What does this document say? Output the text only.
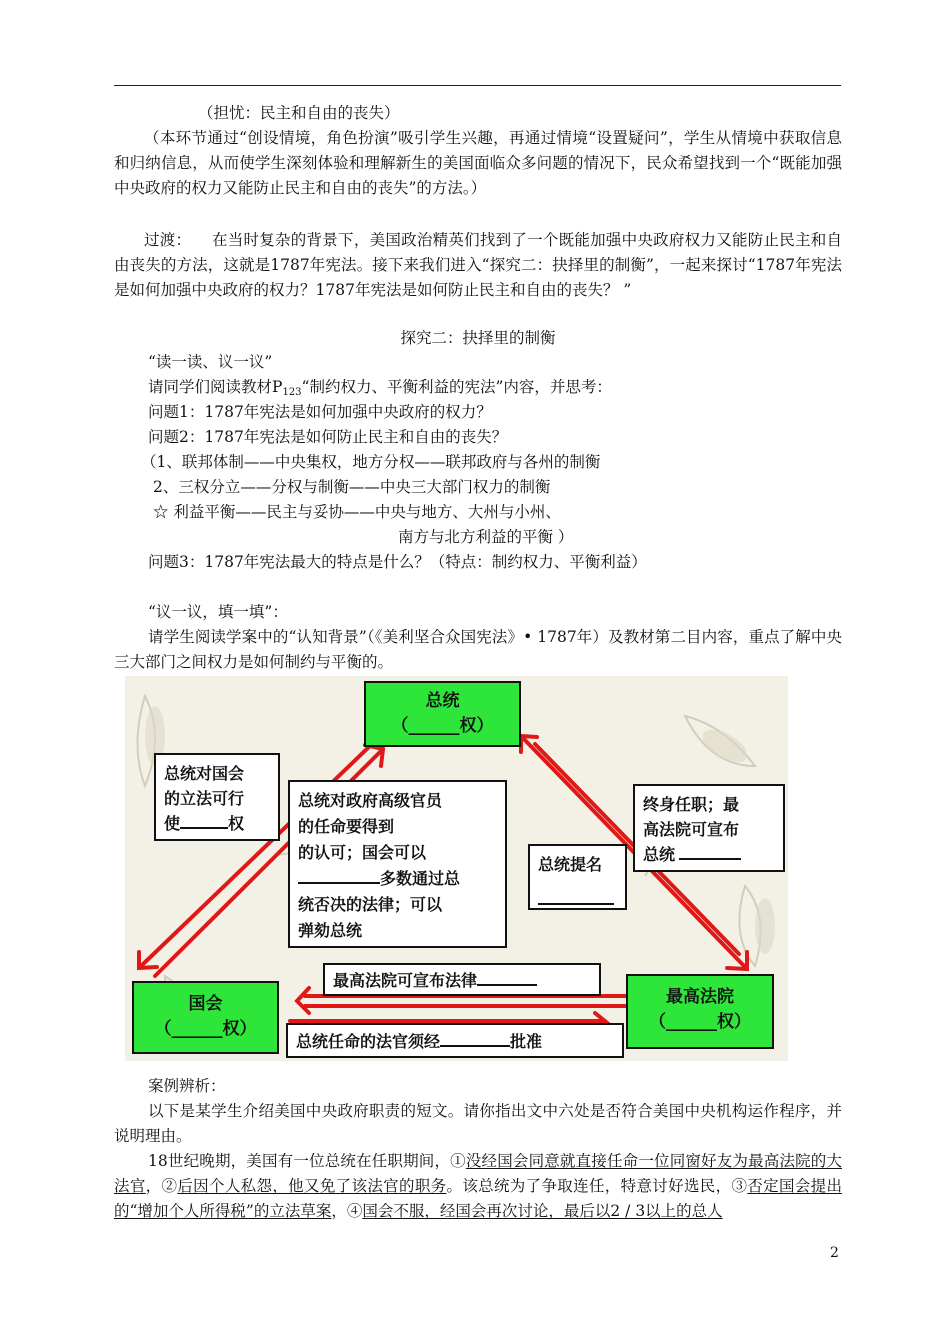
（担忧：民主和自由的丧失）
（本环节通过“创设情境，角色扮演”吸引学生兴趣，再通过情境“设置疑问”，学生从情境中获取信息和归纳信息，从而使学生深刻体验和理解新生的美国面临众多问题的情况下，民众希望找到一个“既能加强中央政府的权力又能防止民主和自由的丧失”的方法。）
过渡： 在当时复杂的背景下，美国政治精英们找到了一个既能加强中央政府权力又能防止民主和自由丧失的方法，这就是1787年宪法。接下来我们进入“探究二：抉择里的制衡”，一起来探讨“1787年宪法是如何加强中央政府的权力？1787年宪法是如何防止民主和自由的丧失？ ”
探究二：抉择里的制衡
“读一读、议一议”
请同学们阅读教材$P_{123}“$制约权力、平衡利益的宪法”内容，并思考：
问题1：1787年宪法是如何加强中央政府的权力？
问题2：1787年宪法是如何防止民主和自由的丧失？
（1、联邦体制——中央集权，地方分权——联邦政府与各州的制衡
2、三权分立——分权与制衡——中央三大部门权力的制衡
☆ 利益平衡——民主与妥协——中央与地方、大州与小州、
南方与北方利益的平衡 ）
问题3：1787年宪法最大的特点是什么？（特点：制约权力、平衡利益）
“议一议，填一填”：
请学生阅读学案中的“认知背景”（《美利坚合众国宪法》• 1787年）及教材第二目内容，重点了解中央三大部门之间权力是如何制约与平衡的。
总统
（______权）
国会
（______权）
最高法院
（______权）
总统对国会
的立法可行
使	权
总统对政府高级官员
的任命要得到
的认可；国会可以
多数通过总
统否决的法律；可以
弹劾总统
总统提名
终身任职；最
高法院可宣布
总统
最高法院可宣布法律
总统任命的法官须经	批准
案例辨析：
以下是某学生介绍美国中央政府职责的短文。请你指出文中六处是否符合美国中央机构运作程序，并说明理由。
18世纪晚期，美国有一位总统在任职期间，①没经国会同意就直接任命一位同窗好友为最高法院的大法官，②后因个人私怨，他又免了该法官的职务。该总统为了争取连任，特意讨好选民，③否定国会提出的“增加个人所得税”的立法草案，④国会不服，经国会再次讨论，最后以2 / 3以上的总人
2
